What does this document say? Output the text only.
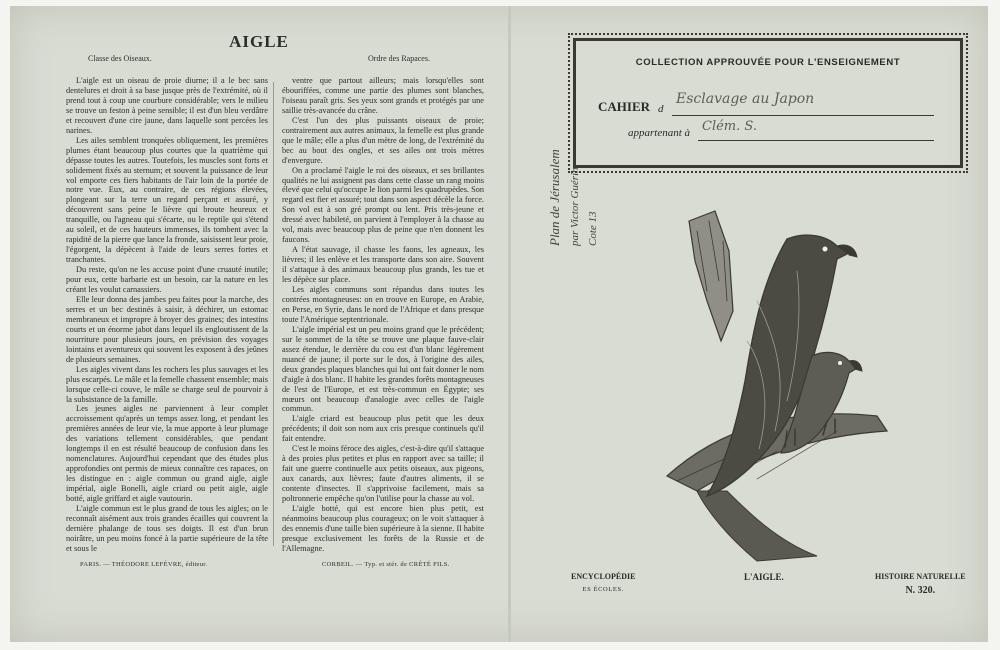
AIGLE
Classe des Oiseaux.	Ordre des Rapaces.

L'aigle est un oiseau de proie diurne; il a le bec sans dentelures et droit à sa base jusque près de l'extrémité, où il prend tout à coup une courbure considérable; vers le milieu se trouve un feston à peine sensible; il est d'un bleu verdâtre et recouvert d'une cire jaune, dans laquelle sont percées les narines.

Les ailes semblent tronquées obliquement, les premières plumes étant beaucoup plus courtes que la quatrième qui dépasse toutes les autres. Toutefois, les muscles sont forts et solidement fixés au sternum; et souvent la puissance de leur vol emporte ces fiers habitants de l'air loin de la portée de notre vue. Eux, au contraire, de ces régions élevées, plongeant sur la terre un regard perçant et assuré, y découvrent sans peine le lièvre qui broute heureux et tranquille, ou l'agneau qui s'écarte, ou le reptile qui s'étend au soleil, et de ces hauteurs immenses, ils tombent avec la rapidité de la pierre que lance la fronde, saisissent leur proie, l'égorgent, la dépècent à l'aide de leurs serres fortes et tranchantes.

Du reste, qu'on ne les accuse point d'une cruauté inutile; pour eux, cette barbarie est un besoin, car la nature en les créant les voulut carnassiers.

Elle leur donna des jambes peu faites pour la marche, des serres et un bec destinés à saisir, à déchirer, un estomac membraneux et impropre à broyer des graines; des intestins courts et un énorme jabot dans lequel ils engloutissent de la nourriture pour plusieurs jours, en prévision des voyages lointains et aventureux qui souvent les exposent à des jeûnes de plusieurs semaines.

Les aigles vivent dans les rochers les plus sauvages et les plus escarpés. Le mâle et la femelle chassent ensemble; mais lorsque celle-ci couve, le mâle se charge seul de pourvoir à la subsistance de la famille.

Les jeunes aigles ne parviennent à leur complet accroissement qu'après un temps assez long, et pendant les premières années de leur vie, la mue apporte à leur plumage des variations tellement considérables, que pendant longtemps il en est résulté beaucoup de confusion dans les nomenclatures. Aujourd'hui cependant que des études plus approfondies ont permis de mieux connaître ces rapaces, on les distingue en : aigle commun ou grand aigle, aigle impérial, aigle Bonelli, aigle criard ou petit aigle, aigle botté, aigle griffard et aigle vautourin.

L'aigle commun est le plus grand de tous les aigles; on le reconnaît aisément aux trois grandes écailles qui couvrent la dernière phalange de tous ses doigts. Il est d'un brun noirâtre, un peu moins foncé à la partie supérieure de la tête et sous le

ventre que partout ailleurs; mais lorsqu'elles sont ébouriffées, comme une partie des plumes sont blanches, l'oiseau paraît gris. Ses yeux sont grands et protégés par une saillie très-avancée du crâne.

C'est l'un des plus puissants oiseaux de proie; contrairement aux autres animaux, la femelle est plus grande que le mâle; elle a plus d'un mètre de long, de l'extrémité du bec au bout des ongles, et ses ailes ont trois mètres d'envergure.

On a proclamé l'aigle le roi des oiseaux, et ses brillantes qualités ne lui assignent pas dans cette classe un rang moins élevé que celui qu'occupe le lion parmi les quadrupèdes. Son regard est fier et assuré; tout dans son aspect décèle la force. Son vol est à son gré prompt ou lent. Pris très-jeune et dressé avec habileté, on parvient à l'employer à la chasse au vol, mais avec beaucoup plus de peine que n'en donnent les faucons.

A l'état sauvage, il chasse les faons, les agneaux, les lièvres; il les enlève et les transporte dans son aire. Souvent il s'attaque à des animaux beaucoup plus grands, les tue et les dépèce sur place.

Les aigles communs sont répandus dans toutes les contrées montagneuses: on en trouve en Europe, en Arabie, en Perse, en Syrie, dans le nord de l'Afrique et dans presque toute l'Amérique septentrionale.

L'aigle impérial est un peu moins grand que le précédent; sur le sommet de la tête se trouve une plaque fauve-clair assez étendue, le derrière du cou est d'un blanc légèrement nuancé de jaune; il porte sur le dos, à l'origine des ailes, deux grandes plaques blanches qui lui ont fait donner le nom d'aigle à dos blanc. Il habite les grandes forêts montagneuses de l'est de l'Europe, et est très-commun en Égypte; ses mœurs ont beaucoup d'analogie avec celles de l'aigle commun.

L'aigle criard est beaucoup plus petit que les deux précédents; il doit son nom aux cris presque continuels qu'il fait entendre.

C'est le moins féroce des aigles, c'est-à-dire qu'il s'attaque à des proies plus petites et plus en rapport avec sa taille; il fait une guerre continuelle aux petits oiseaux, aux pigeons, aux canards, aux lièvres; faute d'autres aliments, il se contente d'insectes. Il s'apprivoise facilement, mais sa poltronnerie empêche qu'on l'utilise pour la chasse au vol.

L'aigle botté, qui est encore bien plus petit, est néanmoins beaucoup plus courageux; on le voit s'attaquer à des ennemis d'une taille bien supérieure à la sienne. Il habite presque exclusivement les forêts de la Russie et de l'Allemagne.

PARIS. — THÉODORE LEFÈVRE, éditeur.	CORBEIL. — Typ. et stér. de CRÉTÉ FILS.
COLLECTION APPROUVÉE POUR L'ENSEIGNEMENT
CAHIER d
appartenant à
Esclavage au Japon
Clém. S.
Plan de Jérusalem par Victor Guérin Cote 13
ENCYCLOPÉDIE
ES ÉCOLES.
L'AIGLE.	HISTOIRE NATURELLE
N. 320.
